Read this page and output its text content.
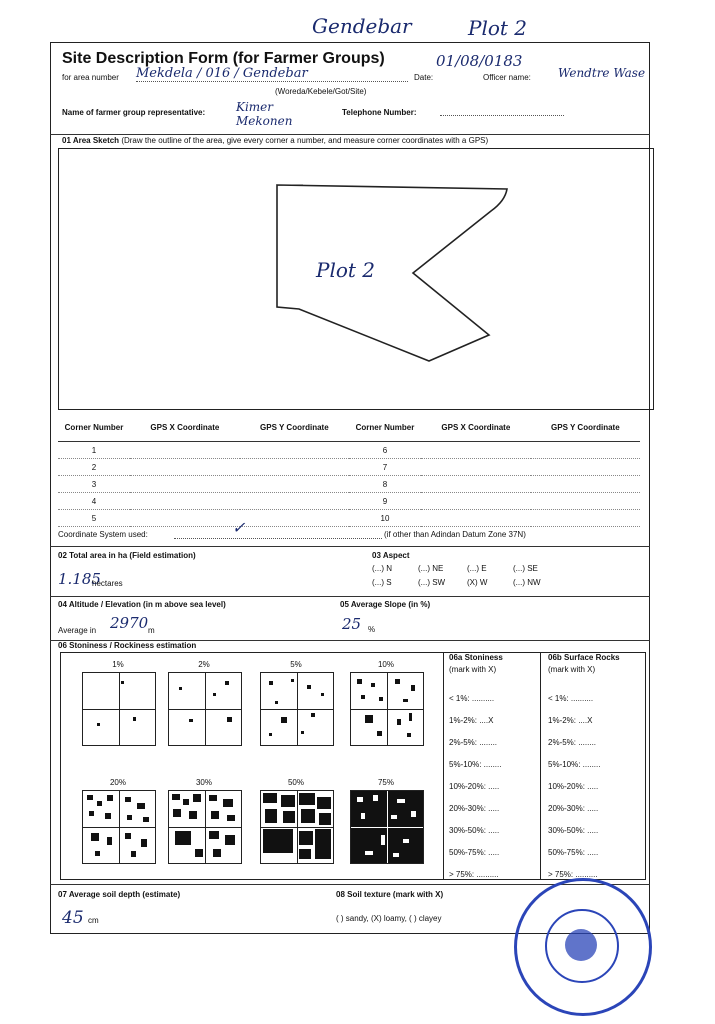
Gendebar	Plot 2
Site Description Form (for Farmer Groups)
for area number Mekdela / 016 / Gendebar
(Woreda/Kebele/Got/Site)
Date:
01/08/0183
Officer name: Wendtre Wase
Name of farmer group representative:	Kimer Mekonen
Telephone Number:
01 Area Sketch (Draw the outline of the area, give every corner a number, and measure corner coordinates with a GPS)
Plot 2
Corner Number	GPS X Coordinate	GPS Y Coordinate	Corner Number	GPS X Coordinate	GPS Y Coordinate
1			6		
2			7		
3			8		
4			9		
5			10		
Coordinate System used:	✓	(if other than Adindan Datum Zone 37N)
02 Total area in ha (Field estimation)
1.185
hectares
03 Aspect
(...) N	(...) NE	(...) E	(...) SE
(...) S	(...) SW	(X) W	(...) NW
04 Altitude / Elevation (in m above sea level)
Average in 2970 m
05 Average Slope (in %)
25 %
06 Stoniness / Rockiness estimation
1%	2%	5%	10%
20%	30%	50%	75%
06a Stoniness
(mark with X)
06b Surface Rocks
(mark with X)
< 1%: ..........
1%-2%: ....X
2%-5%: ........
5%-10%: ........
10%-20%: .....
20%-30%: .....
30%-50%: .....
50%-75%: .....
> 75%: ..........
< 1%: ..........
1%-2%: ....X
2%-5%: ........
5%-10%: ........
10%-20%: .....
20%-30%: .....
30%-50%: .....
50%-75%: .....
> 75%: ..........
07 Average soil depth (estimate)
45 cm
08 Soil texture (mark with X)
( ) sandy, (X) loamy, ( ) clayey
